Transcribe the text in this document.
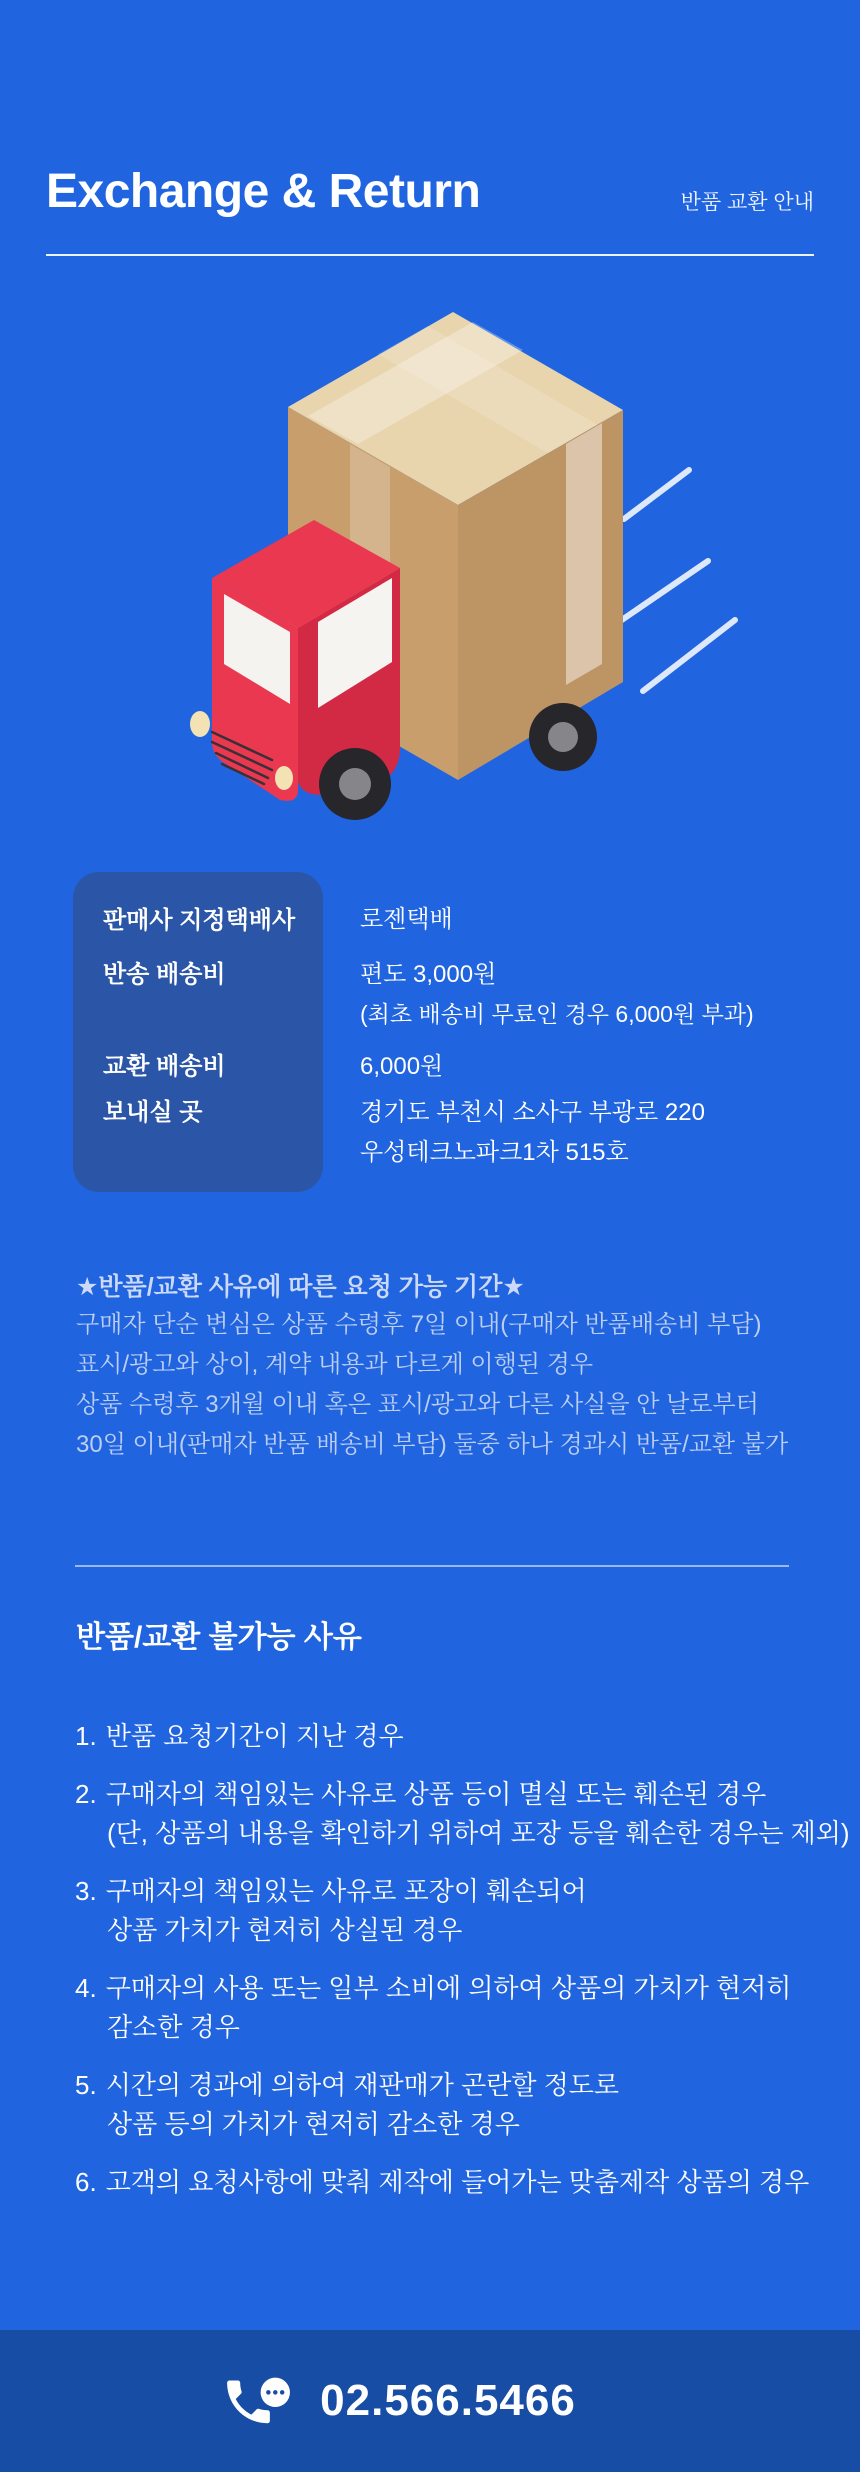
Exchange & Return	반품 교환 안내
판매사 지정택배사
반송 배송비
교환 배송비
보내실 곳
로젠택배
편도 3,000원
(최초 배송비 무료인 경우 6,000원 부과)
6,000원
경기도 부천시 소사구 부광로 220
우성테크노파크1차 515호
★반품/교환 사유에 따른 요청 가능 기간★
구매자 단순 변심은 상품 수령후 7일 이내(구매자 반품배송비 부담)
표시/광고와 상이, 계약 내용과 다르게 이행된 경우
상품 수령후 3개월 이내 혹은 표시/광고와 다른 사실을 안 날로부터
30일 이내(판매자 반품 배송비 부담) 둘중 하나 경과시 반품/교환 불가
반품/교환 불가능 사유
1. 반품 요청기간이 지난 경우
2. 구매자의 책임있는 사유로 상품 등이 멸실 또는 훼손된 경우
(단, 상품의 내용을 확인하기 위하여 포장 등을 훼손한 경우는 제외)
3. 구매자의 책임있는 사유로 포장이 훼손되어
상품 가치가 현저히 상실된 경우
4. 구매자의 사용 또는 일부 소비에 의하여 상품의 가치가 현저히
감소한 경우
5. 시간의 경과에 의하여 재판매가 곤란할 정도로
상품 등의 가치가 현저히 감소한 경우
6. 고객의 요청사항에 맞춰 제작에 들어가는 맞춤제작 상품의 경우
02.566.5466
